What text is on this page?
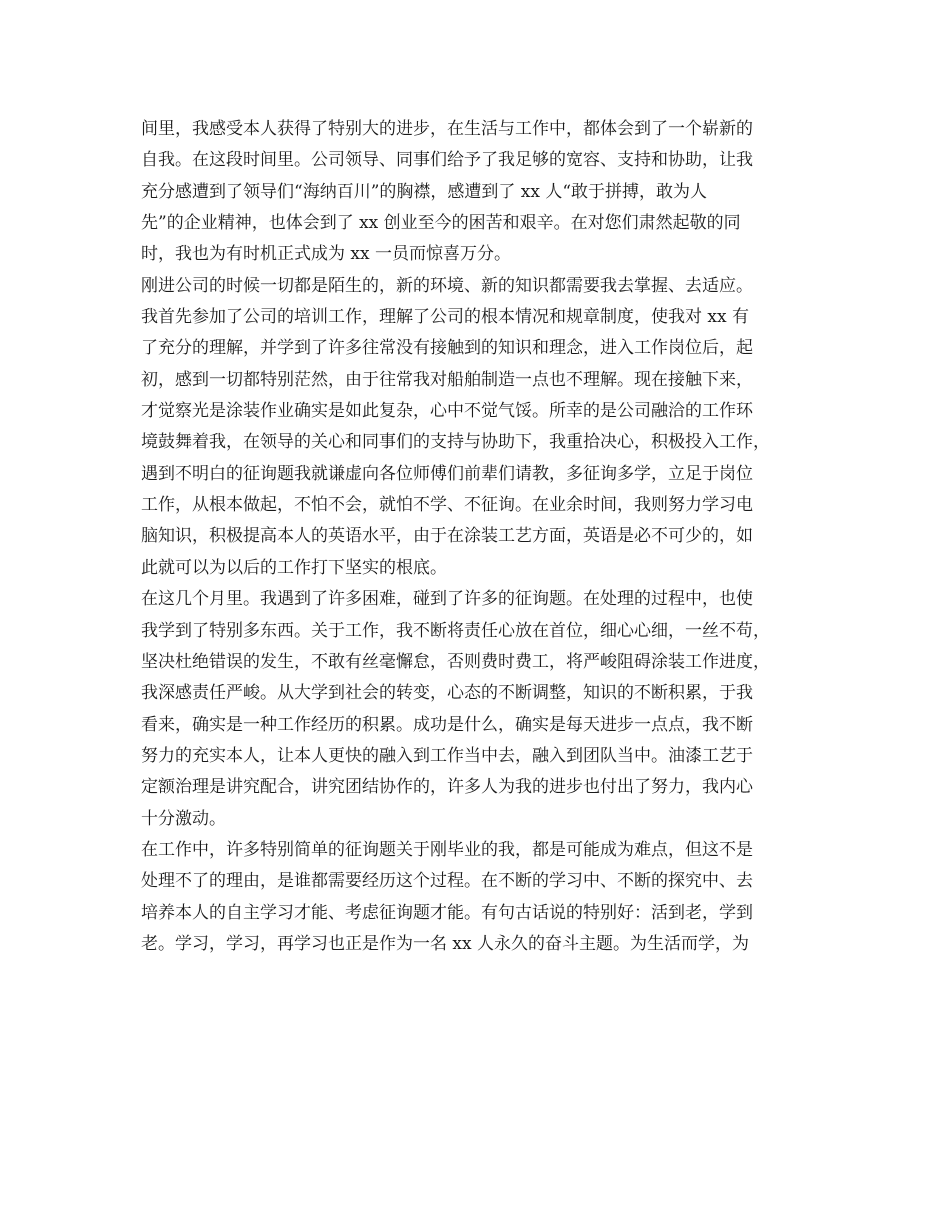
间里，我感受本人获得了特别大的进步，在生活与工作中，都体会到了一个崭新的
自我。在这段时间里。公司领导、同事们给予了我足够的宽容、支持和协助，让我
充分感遭到了领导们“海纳百川”的胸襟，感遭到了 xx 人“敢于拼搏，敢为人
先”的企业精神，也体会到了 xx 创业至今的困苦和艰辛。在对您们肃然起敬的同
时，我也为有时机正式成为 xx 一员而惊喜万分。
刚进公司的时候一切都是陌生的，新的环境、新的知识都需要我去掌握、去适应。
我首先参加了公司的培训工作，理解了公司的根本情况和规章制度，使我对 xx 有
了充分的理解，并学到了许多往常没有接触到的知识和理念，进入工作岗位后，起
初，感到一切都特别茫然，由于往常我对船舶制造一点也不理解。现在接触下来，
才觉察光是涂装作业确实是如此复杂，心中不觉气馁。所幸的是公司融洽的工作环
境鼓舞着我，在领导的关心和同事们的支持与协助下，我重拾决心，积极投入工作，
遇到不明白的征询题我就谦虚向各位师傅们前辈们请教，多征询多学，立足于岗位
工作，从根本做起，不怕不会，就怕不学、不征询。在业余时间，我则努力学习电
脑知识，积极提高本人的英语水平，由于在涂装工艺方面，英语是必不可少的，如
此就可以为以后的工作打下坚实的根底。
在这几个月里。我遇到了许多困难，碰到了许多的征询题。在处理的过程中，也使
我学到了特别多东西。关于工作，我不断将责任心放在首位，细心心细，一丝不苟，
坚决杜绝错误的发生，不敢有丝毫懈怠，否则费时费工，将严峻阻碍涂装工作进度，
我深感责任严峻。从大学到社会的转变，心态的不断调整，知识的不断积累，于我
看来，确实是一种工作经历的积累。成功是什么，确实是每天进步一点点，我不断
努力的充实本人，让本人更快的融入到工作当中去，融入到团队当中。油漆工艺于
定额治理是讲究配合，讲究团结协作的，许多人为我的进步也付出了努力，我内心
十分激动。
在工作中，许多特别简单的征询题关于刚毕业的我，都是可能成为难点，但这不是
处理不了的理由，是谁都需要经历这个过程。在不断的学习中、不断的探究中、去
培养本人的自主学习才能、考虑征询题才能。有句古话说的特别好：活到老，学到
老。学习，学习，再学习也正是作为一名 xx 人永久的奋斗主题。为生活而学，为
